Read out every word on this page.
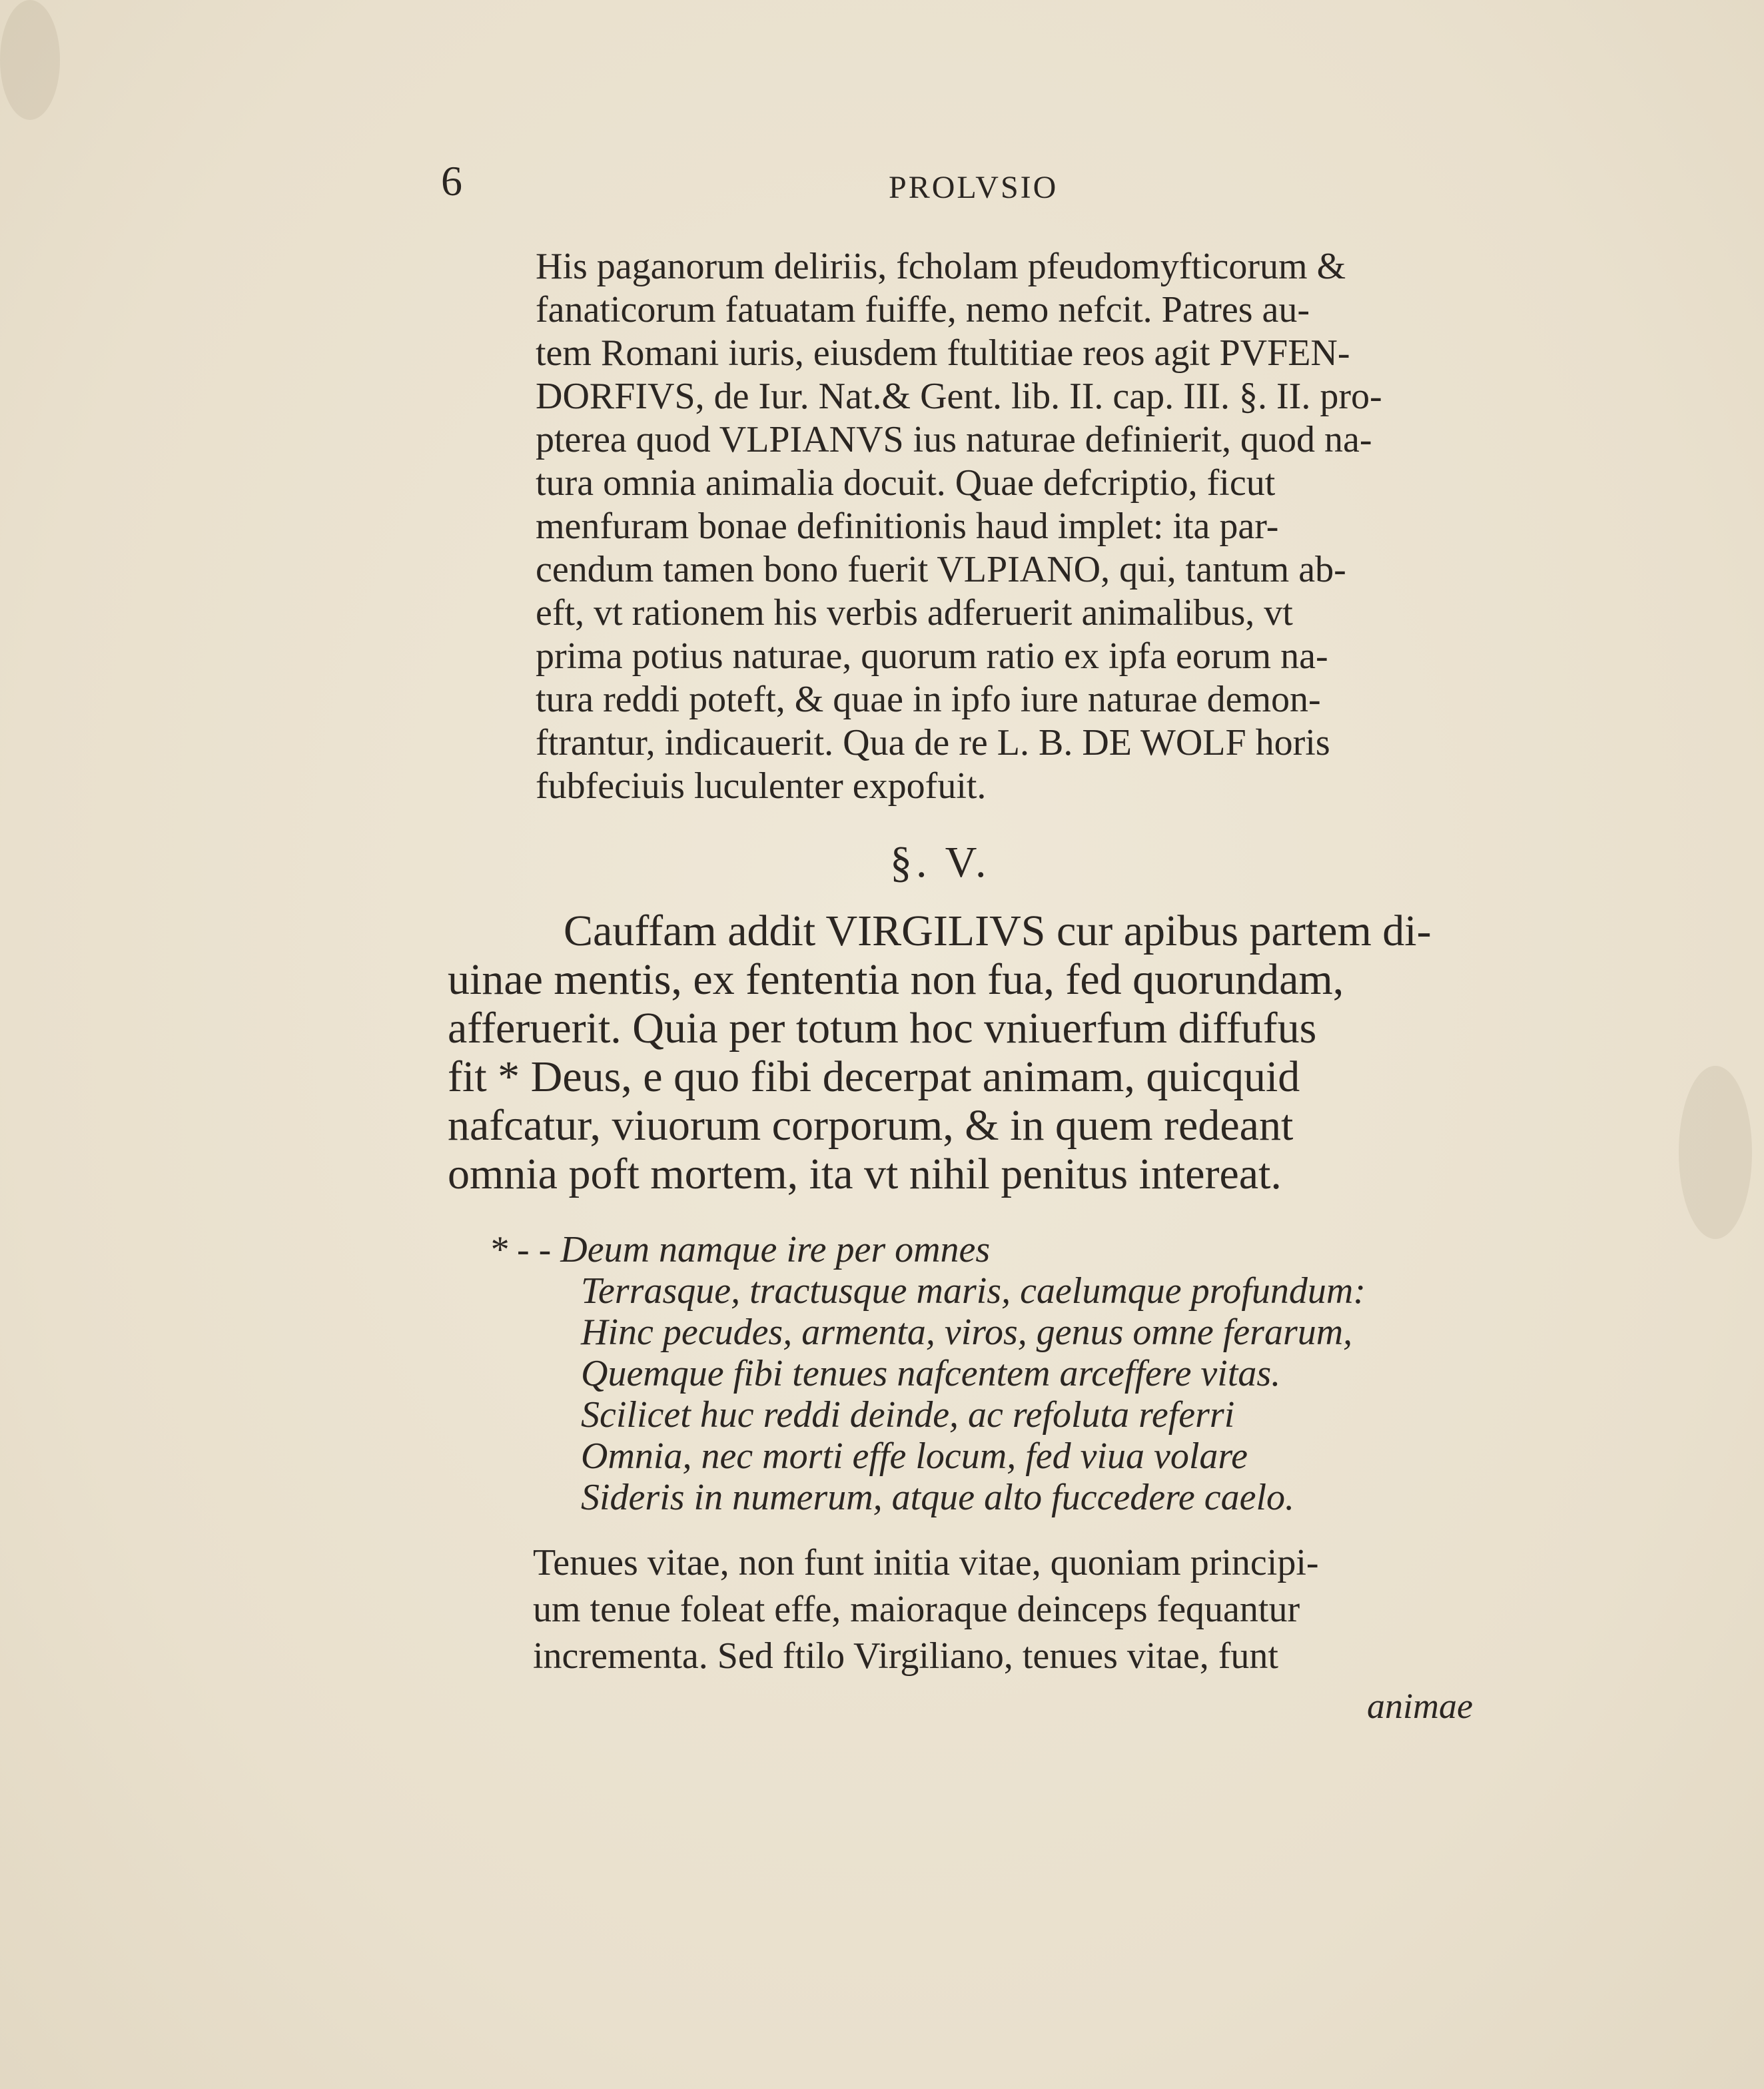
6	PROLVSIO
His paganorum deliriis, fcholam pfeudomyfticorum &
fanaticorum fatuatam fuiffe, nemo nefcit. Patres au-
tem Romani iuris, eiusdem ftultitiae reos agit PVFEN-
DORFIVS, de Iur. Nat.& Gent. lib. II. cap. III. §. II. pro-
pterea quod VLPIANVS ius naturae definierit, quod na-
tura omnia animalia docuit. Quae defcriptio, ficut
menfuram bonae definitionis haud implet: ita par-
cendum tamen bono fuerit VLPIANO, qui, tantum ab-
eft, vt rationem his verbis adferuerit animalibus, vt
prima potius naturae, quorum ratio ex ipfa eorum na-
tura reddi poteft, & quae in ipfo iure naturae demon-
ftrantur, indicauerit. Qua de re L. B. DE WOLF horis
fubfeciuis luculenter expofuit.
§. V.
Cauffam addit VIRGILIVS cur apibus partem di-
uinae mentis, ex fententia non fua, fed quorundam,
afferuerit. Quia per totum hoc vniuerfum diffufus
fit * Deus, e quo fibi decerpat animam, quicquid
nafcatur, viuorum corporum, & in quem redeant
omnia poft mortem, ita vt nihil penitus intereat.
* - - Deum namque ire per omnes
Terrasque, tractusque maris, caelumque profundum:
Hinc pecudes, armenta, viros, genus omne ferarum,
Quemque fibi tenues nafcentem arceffere vitas.
Scilicet huc reddi deinde, ac refoluta referri
Omnia, nec morti effe locum, fed viua volare
Sideris in numerum, atque alto fuccedere caelo.
Tenues vitae, non funt initia vitae, quoniam principi-
um tenue foleat effe, maioraque deinceps fequantur
incrementa. Sed ftilo Virgiliano, tenues vitae, funt
animae
